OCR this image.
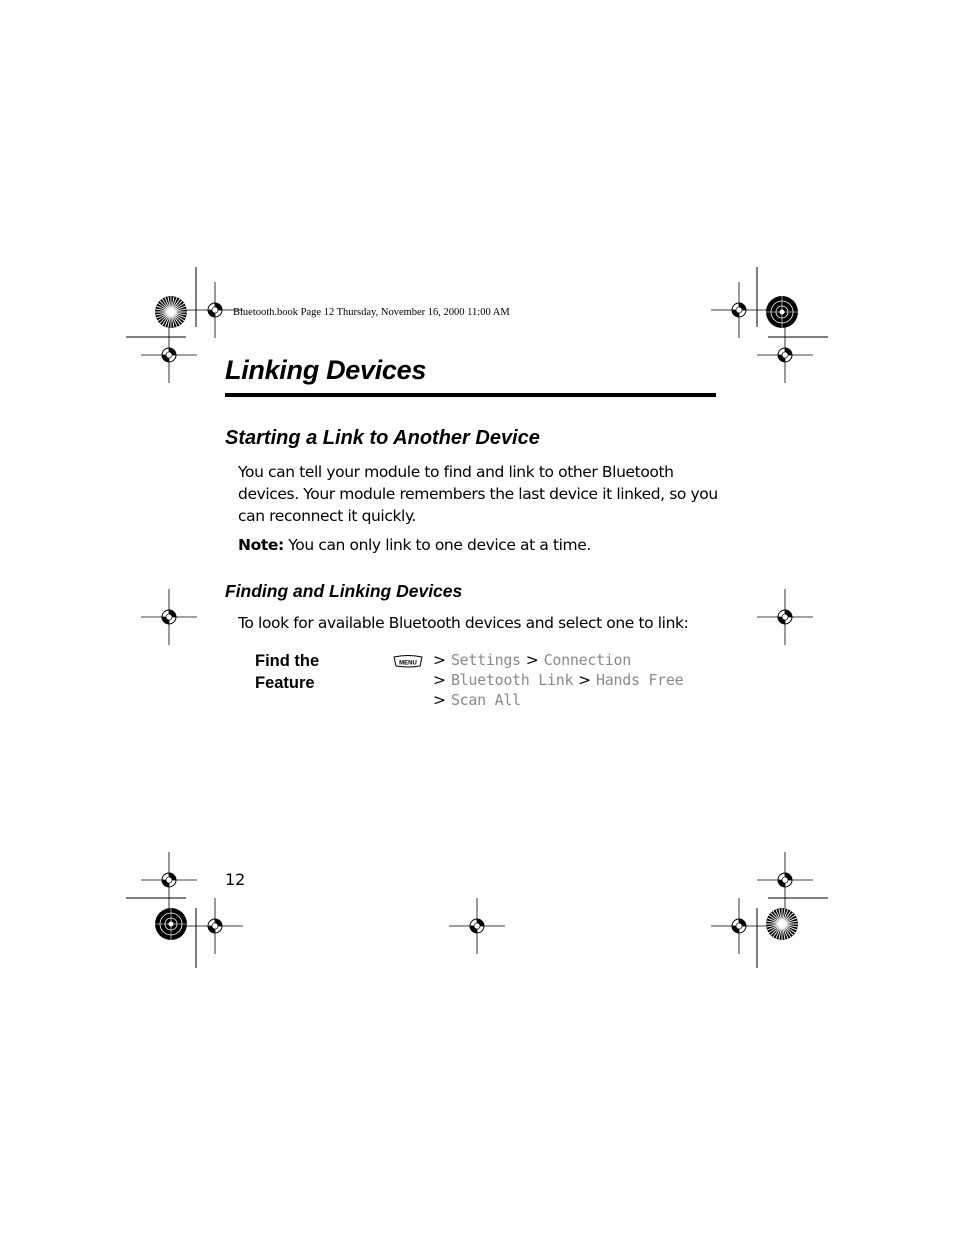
Bluetooth.book Page 12 Thursday, November 16, 2000 11:00 AM
Linking Devices
Starting a Link to Another Device
You can tell your module to find and link to other Bluetooth devices. Your module remembers the last device it linked, so you can reconnect it quickly.
Note: You can only link to one device at a time.
Finding and Linking Devices
To look for available Bluetooth devices and select one to link:
Find the
Feature
MENU > Settings > Connection
> Bluetooth Link > Hands Free
> Scan All
12
